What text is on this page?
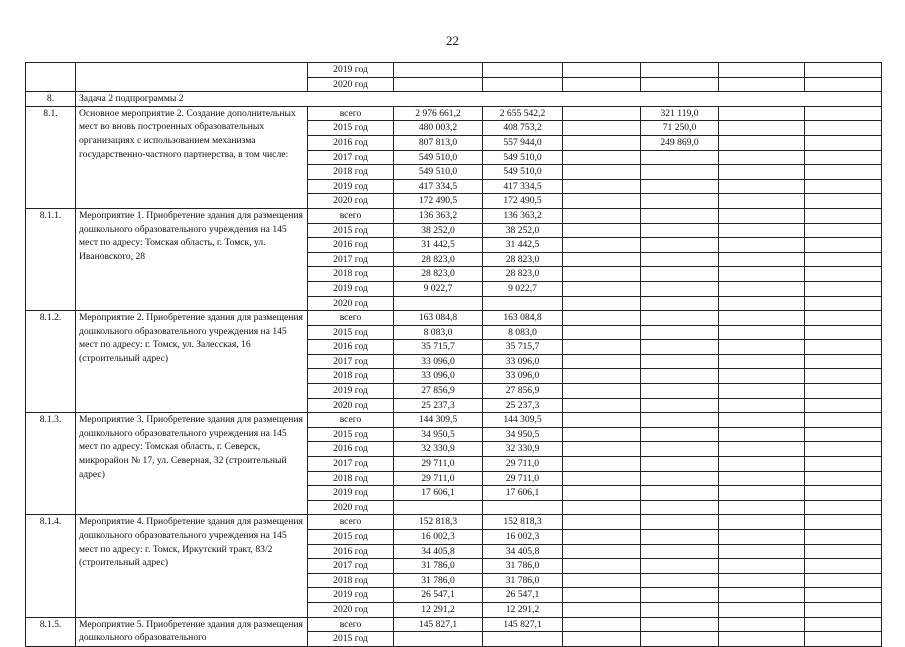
22
		2019 год						
		2020 год						
8.	Задача 2 подпрограммы 2							
8.1.	Основное мероприятие 2. Создание дополнительных мест во вновь построенных образовательных организациях с использованием механизма государственно-частного партнерства, в том числе:	всего	2 976 661,2	2 655 542,2		321 119,0		
		2015 год	480 003,2	408 753,2		71 250,0		
		2016 год	807 813,0	557 944,0		249 869,0		
		2017 год	549 510,0	549 510,0				
		2018 год	549 510,0	549 510,0				
		2019 год	417 334,5	417 334,5				
		2020 год	172 490,5	172 490,5				
8.1.1.	Мероприятие 1. Приобретение здания для размещения дошкольного образовательного учреждения на 145 мест по адресу: Томская область, г. Томск, ул. Ивановского, 28	всего	136 363,2	136 363,2				
		2015 год	38 252,0	38 252,0				
		2016 год	31 442,5	31 442,5				
		2017 год	28 823,0	28 823,0				
		2018 год	28 823,0	28 823,0				
		2019 год	9 022,7	9 022,7				
		2020 год						
8.1.2.	Мероприятие 2. Приобретение здания для размещения дошкольного образовательного учреждения на 145 мест по адресу: г. Томск, ул. Залесская, 16 (строительный адрес)	всего	163 084,8	163 084,8				
		2015 год	8 083,0	8 083,0				
		2016 год	35 715,7	35 715,7				
		2017 год	33 096,0	33 096,0				
		2018 год	33 096,0	33 096,0				
		2019 год	27 856,9	27 856,9				
		2020 год	25 237,3	25 237,3				
8.1.3.	Мероприятие 3. Приобретение здания для размещения дошкольного образовательного учреждения на 145 мест по адресу: Томская область, г. Северск, микрорайон № 17, ул. Северная, 32 (строительный адрес)	всего	144 309,5	144 309,5				
		2015 год	34 950,5	34 950,5				
		2016 год	32 330,9	32 330,9				
		2017 год	29 711,0	29 711,0				
		2018 год	29 711,0	29 711,0				
		2019 год	17 606,1	17 606,1				
		2020 год						
8.1.4.	Мероприятие 4. Приобретение здания для размещения дошкольного образовательного учреждения на 145 мест по адресу: г. Томск, Иркутский тракт, 83/2 (строительный адрес)	всего	152 818,3	152 818,3				
		2015 год	16 002,3	16 002,3				
		2016 год	34 405,8	34 405,8				
		2017 год	31 786,0	31 786,0				
		2018 год	31 786,0	31 786,0				
		2019 год	26 547,1	26 547,1				
		2020 год	12 291,2	12 291,2				
8.1.5.	Мероприятие 5. Приобретение здания для размещения дошкольного образовательного	всего	145 827,1	145 827,1				
		2015 год						
